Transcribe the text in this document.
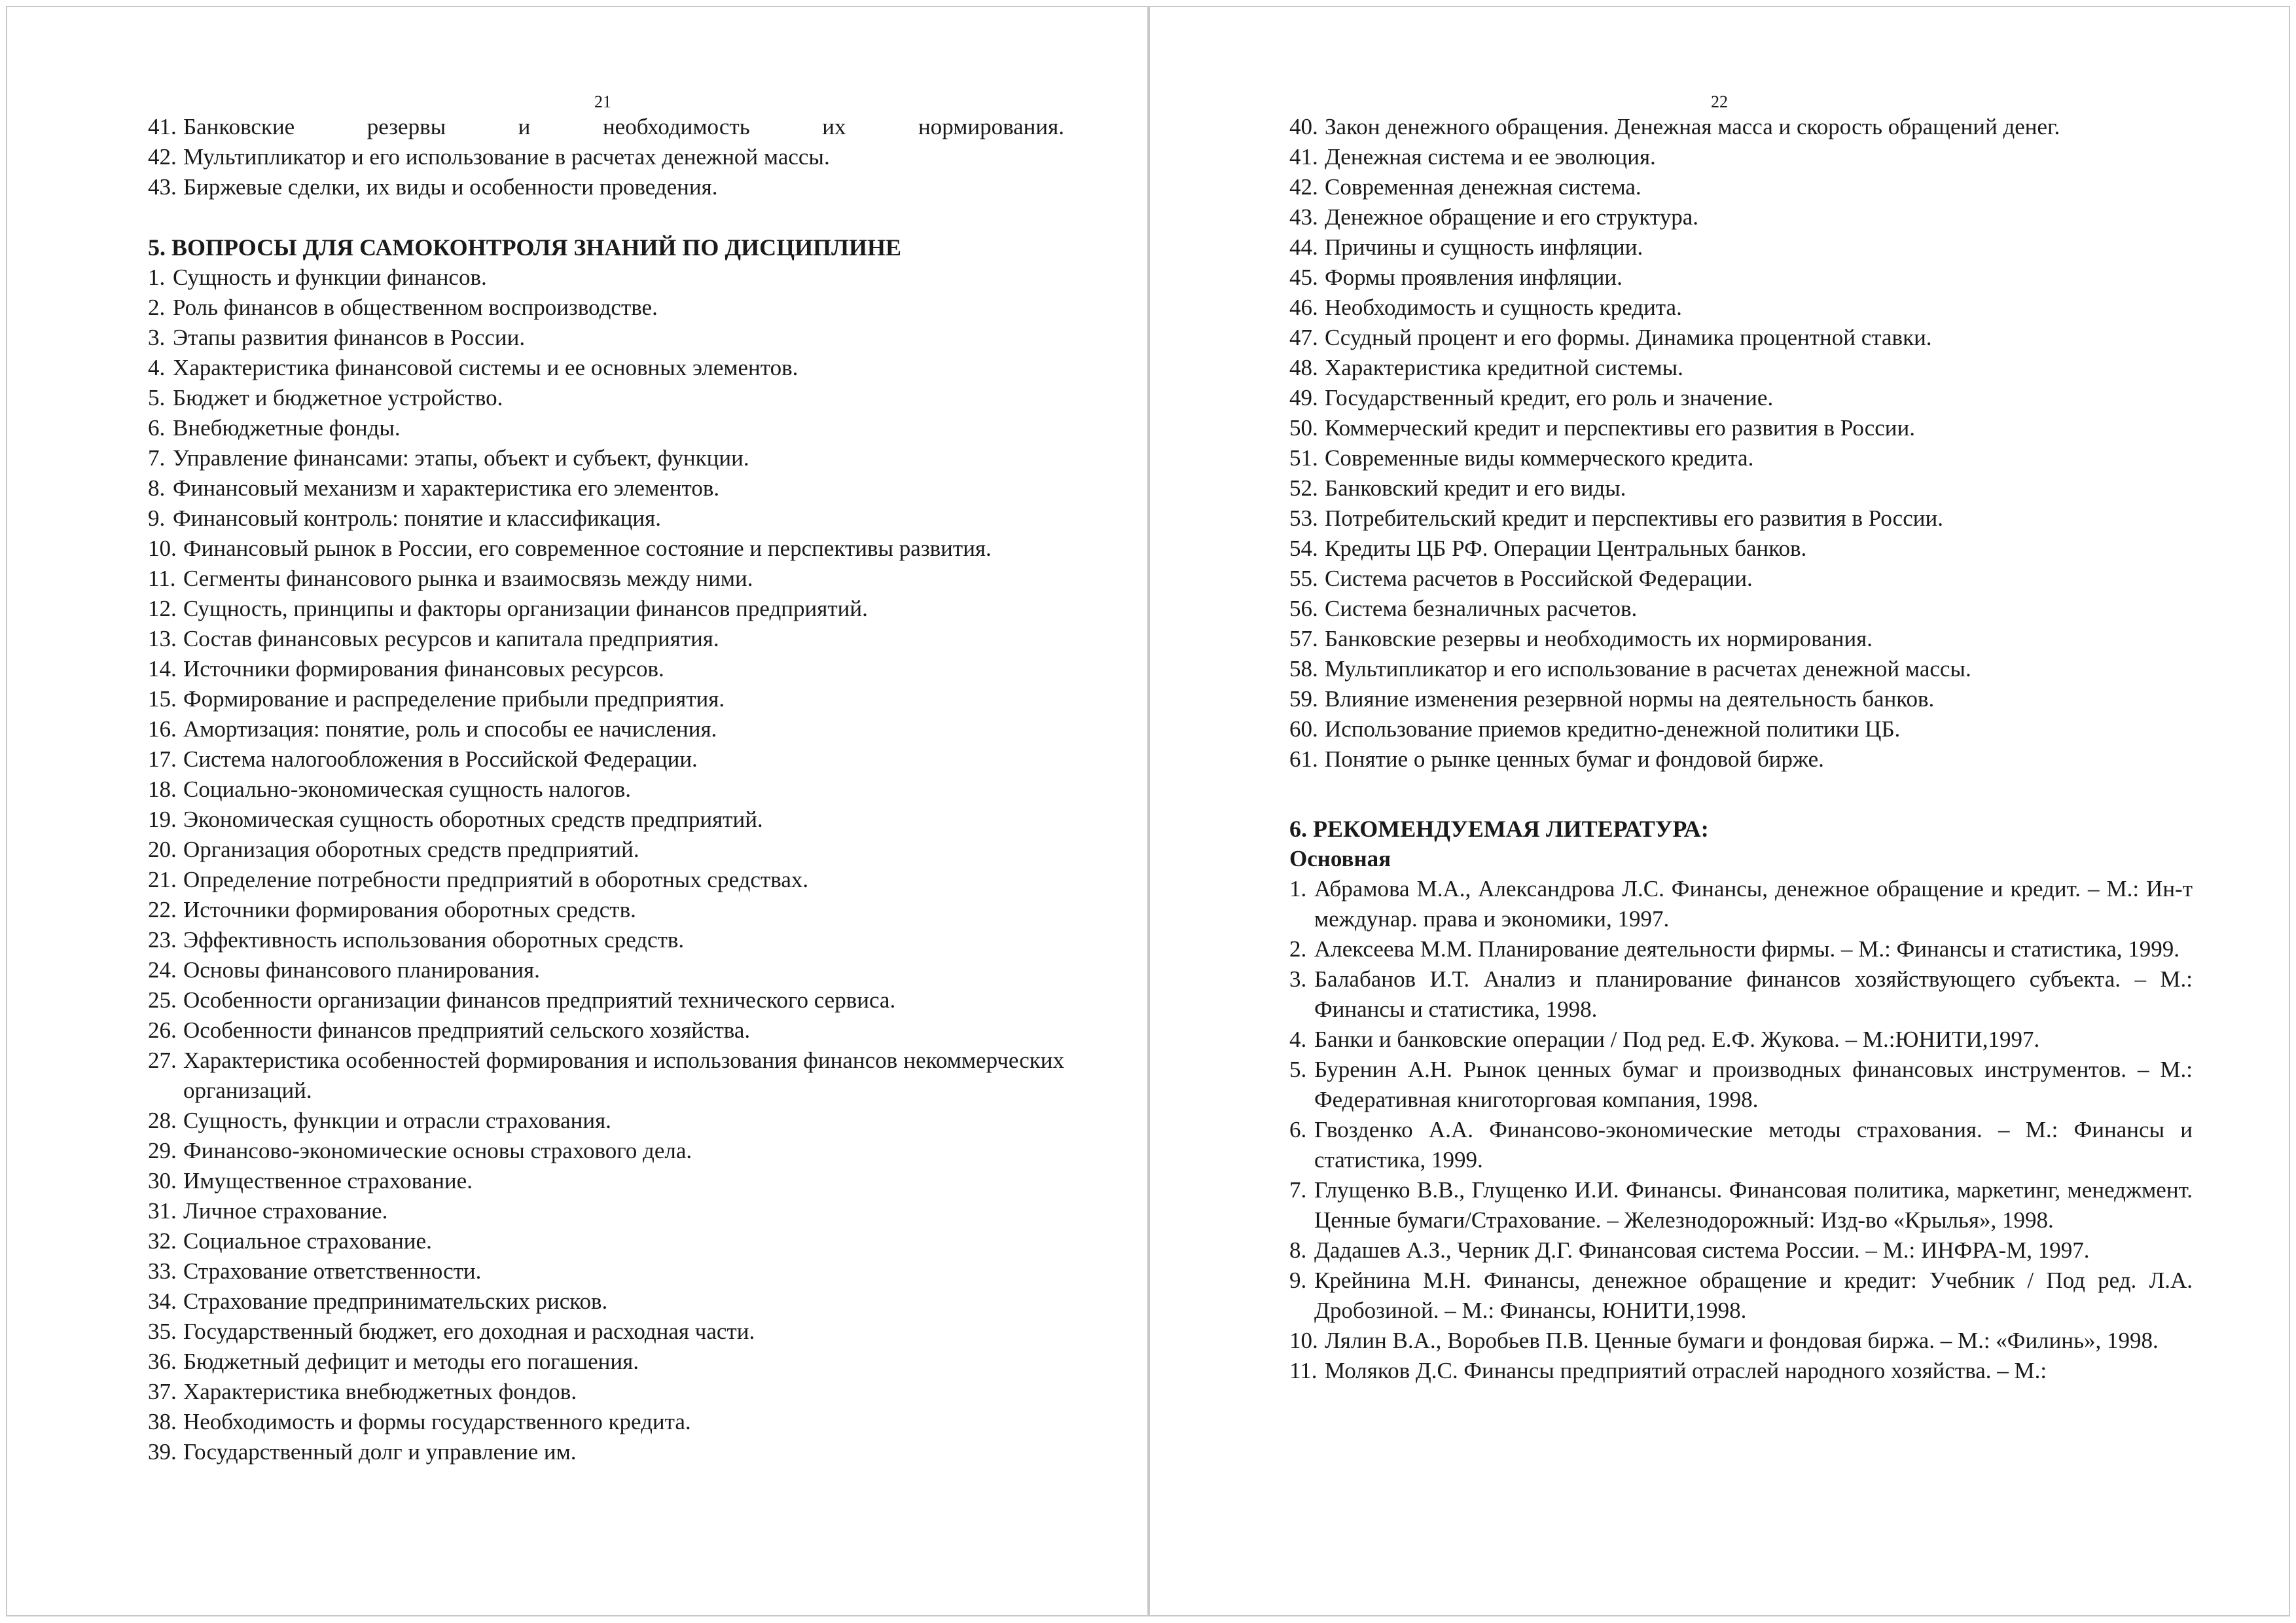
21
41. Банковские резервы и необходимость их нормирования.
42. Мультипликатор и его использование в расчетах денежной массы.
43. Биржевые сделки, их виды и особенности проведения.
5. ВОПРОСЫ ДЛЯ САМОКОНТРОЛЯ ЗНАНИЙ ПО ДИСЦИПЛИНЕ
1. Сущность и функции финансов.
2. Роль финансов в общественном воспроизводстве.
3. Этапы развития финансов в России.
4. Характеристика финансовой системы и ее основных элементов.
5. Бюджет и бюджетное устройство.
6. Внебюджетные фонды.
7. Управление финансами: этапы, объект и субъект, функции.
8. Финансовый механизм и характеристика его элементов.
9. Финансовый контроль: понятие и классификация.
10. Финансовый рынок в России, его современное состояние и перспективы развития.
11. Сегменты финансового рынка и взаимосвязь между ними.
12. Сущность, принципы и факторы организации финансов предприятий.
13. Состав финансовых ресурсов и капитала предприятия.
14. Источники формирования финансовых ресурсов.
15. Формирование и распределение прибыли предприятия.
16. Амортизация: понятие, роль и способы ее начисления.
17. Система налогообложения в Российской Федерации.
18. Социально-экономическая сущность налогов.
19. Экономическая сущность оборотных средств предприятий.
20. Организация оборотных средств предприятий.
21. Определение потребности предприятий в оборотных средствах.
22. Источники формирования оборотных средств.
23. Эффективность использования оборотных средств.
24. Основы финансового планирования.
25. Особенности организации финансов предприятий технического сервиса.
26. Особенности финансов предприятий сельского хозяйства.
27. Характеристика особенностей формирования и использования финансов некоммерческих организаций.
28. Сущность, функции и отрасли страхования.
29. Финансово-экономические основы страхового дела.
30. Имущественное страхование.
31. Личное страхование.
32. Социальное страхование.
33. Страхование ответственности.
34. Страхование предпринимательских рисков.
35. Государственный бюджет, его доходная и расходная части.
36. Бюджетный дефицит и методы его погашения.
37. Характеристика внебюджетных фондов.
38. Необходимость и формы государственного кредита.
39. Государственный долг и управление им.
22
40. Закон денежного обращения. Денежная масса и скорость обращений денег.
41. Денежная система и ее эволюция.
42. Современная денежная система.
43. Денежное обращение и его структура.
44. Причины и сущность инфляции.
45. Формы проявления инфляции.
46. Необходимость и сущность кредита.
47. Ссудный процент и его формы. Динамика процентной ставки.
48. Характеристика кредитной системы.
49. Государственный кредит, его роль и значение.
50. Коммерческий кредит и перспективы его развития в России.
51. Современные виды коммерческого кредита.
52. Банковский кредит и его виды.
53. Потребительский кредит и перспективы его развития в России.
54. Кредиты ЦБ РФ. Операции Центральных банков.
55. Система расчетов в Российской Федерации.
56. Система безналичных расчетов.
57. Банковские резервы и необходимость их нормирования.
58. Мультипликатор и его использование в расчетах денежной массы.
59. Влияние изменения резервной нормы на деятельность банков.
60. Использование приемов кредитно-денежной политики ЦБ.
61. Понятие о рынке ценных бумаг и фондовой бирже.
6. РЕКОМЕНДУЕМАЯ ЛИТЕРАТУРА:
Основная
1. Абрамова М.А., Александрова Л.С. Финансы, денежное обращение и кредит. – М.: Ин-т междунар. права и экономики, 1997.
2. Алексеева М.М. Планирование деятельности фирмы. – М.: Финансы и статистика, 1999.
3. Балабанов И.Т. Анализ и планирование финансов хозяйствующего субъекта. – М.: Финансы и статистика, 1998.
4. Банки и банковские операции / Под ред. Е.Ф. Жукова. – М.:ЮНИТИ,1997.
5. Буренин А.Н. Рынок ценных бумаг и производных финансовых инструментов. – М.: Федеративная книготорговая компания, 1998.
6. Гвозденко А.А. Финансово-экономические методы страхования. – М.: Финансы и статистика, 1999.
7. Глущенко В.В., Глущенко И.И. Финансы. Финансовая политика, маркетинг, менеджмент. Ценные бумаги/Страхование. – Железнодорожный: Изд-во «Крылья», 1998.
8. Дадашев А.З., Черник Д.Г. Финансовая система России. – М.: ИНФРА-М, 1997.
9. Крейнина М.Н. Финансы, денежное обращение и кредит: Учебник / Под ред. Л.А. Дробозиной. – М.: Финансы, ЮНИТИ,1998.
10. Лялин В.А., Воробьев П.В. Ценные бумаги и фондовая биржа. – М.: «Филинь», 1998.
11. Моляков Д.С. Финансы предприятий отраслей народного хозяйства. – М.:
